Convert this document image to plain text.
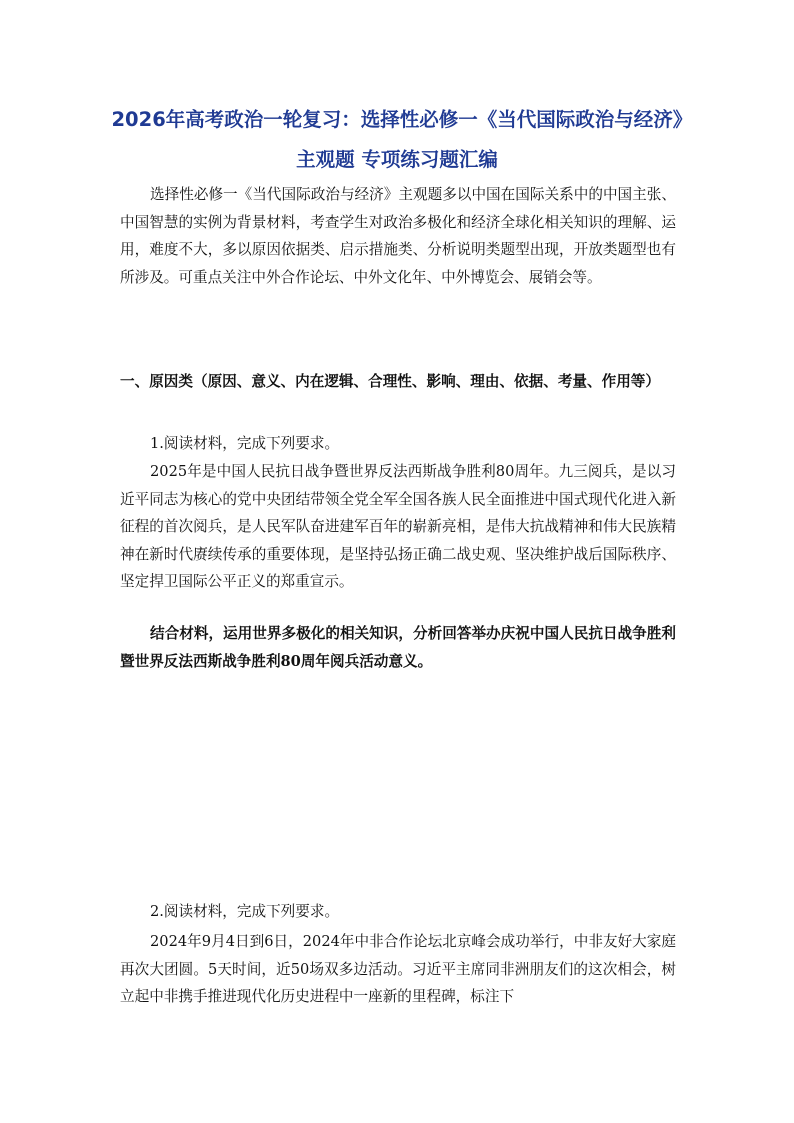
2026年高考政治一轮复习：选择性必修一《当代国际政治与经济》主观题 专项练习题汇编
选择性必修一《当代国际政治与经济》主观题多以中国在国际关系中的中国主张、中国智慧的实例为背景材料，考查学生对政治多极化和经济全球化相关知识的理解、运用，难度不大，多以原因依据类、启示措施类、分析说明类题型出现，开放类题型也有所涉及。可重点关注中外合作论坛、中外文化年、中外博览会、展销会等。
一、原因类（原因、意义、内在逻辑、合理性、影响、理由、依据、考量、作用等）
1.阅读材料，完成下列要求。
2025年是中国人民抗日战争暨世界反法西斯战争胜利80周年。九三阅兵，是以习近平同志为核心的党中央团结带领全党全军全国各族人民全面推进中国式现代化进入新征程的首次阅兵，是人民军队奋进建军百年的崭新亮相，是伟大抗战精神和伟大民族精神在新时代赓续传承的重要体现，是坚持弘扬正确二战史观、坚决维护战后国际秩序、坚定捍卫国际公平正义的郑重宣示。
结合材料，运用世界多极化的相关知识，分析回答举办庆祝中国人民抗日战争胜利暨世界反法西斯战争胜利80周年阅兵活动意义。
2.阅读材料，完成下列要求。
2024年9月4日到6日，2024年中非合作论坛北京峰会成功举行，中非友好大家庭再次大团圆。5天时间，近50场双多边活动。习近平主席同非洲朋友们的这次相会，树立起中非携手推进现代化历史进程中一座新的里程碑，标注下
